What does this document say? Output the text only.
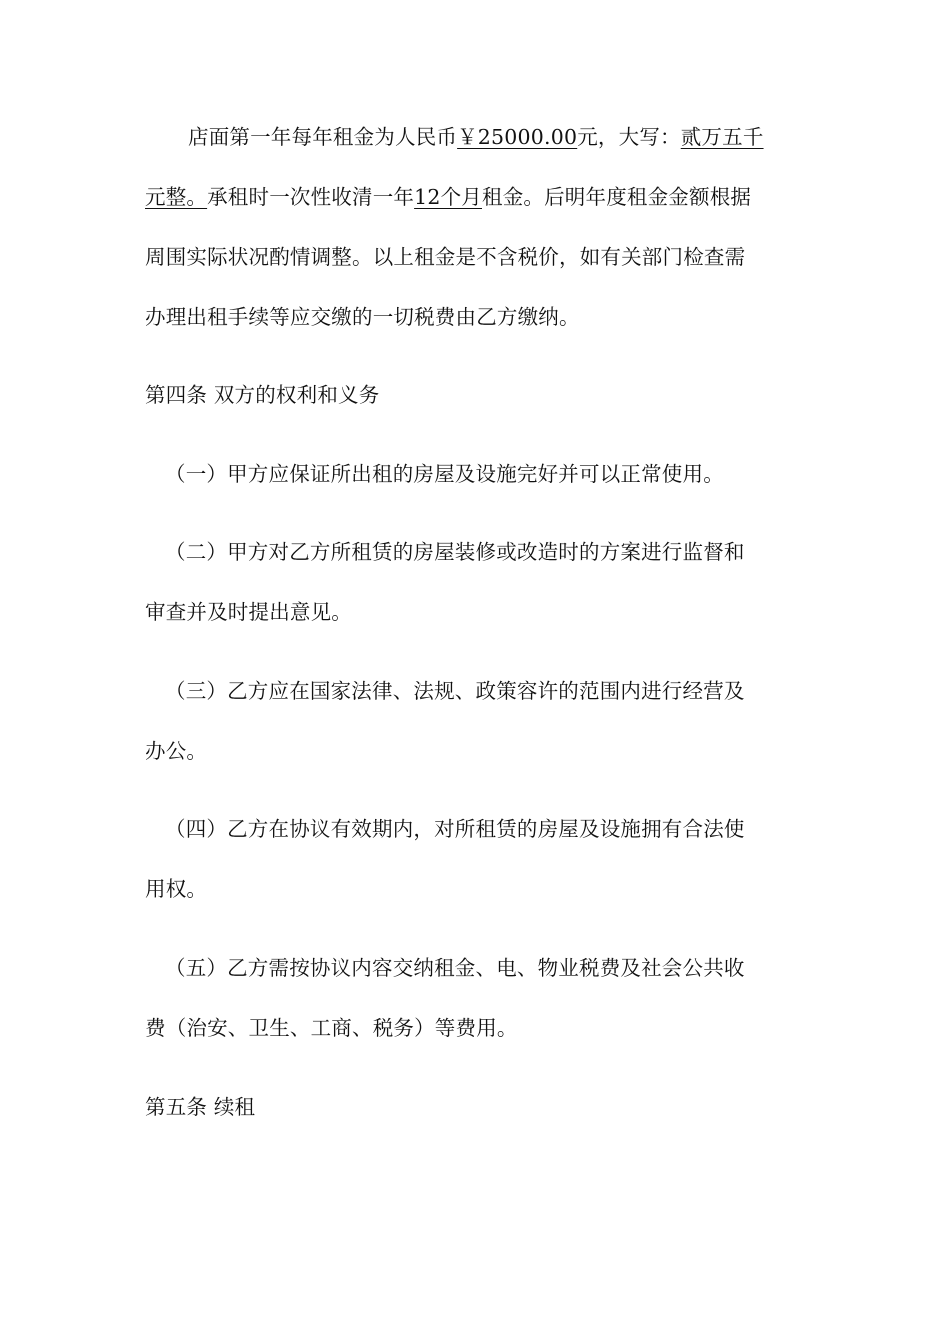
店面第一年每年租金为人民币￥25000.00元，大写：贰万五千
元整。承租时一次性收清一年12个月租金。后明年度租金金额根据
周围实际状况酌情调整。以上租金是不含税价，如有关部门检查需
办理出租手续等应交缴的一切税费由乙方缴纳。
第四条 双方的权利和义务
（一）甲方应保证所出租的房屋及设施完好并可以正常使用。
（二）甲方对乙方所租赁的房屋装修或改造时的方案进行监督和
审查并及时提出意见。
（三）乙方应在国家法律、法规、政策容许的范围内进行经营及
办公。
（四）乙方在协议有效期内，对所租赁的房屋及设施拥有合法使
用权。
（五）乙方需按协议内容交纳租金、电、物业税费及社会公共收
费（治安、卫生、工商、税务）等费用。
第五条 续租
